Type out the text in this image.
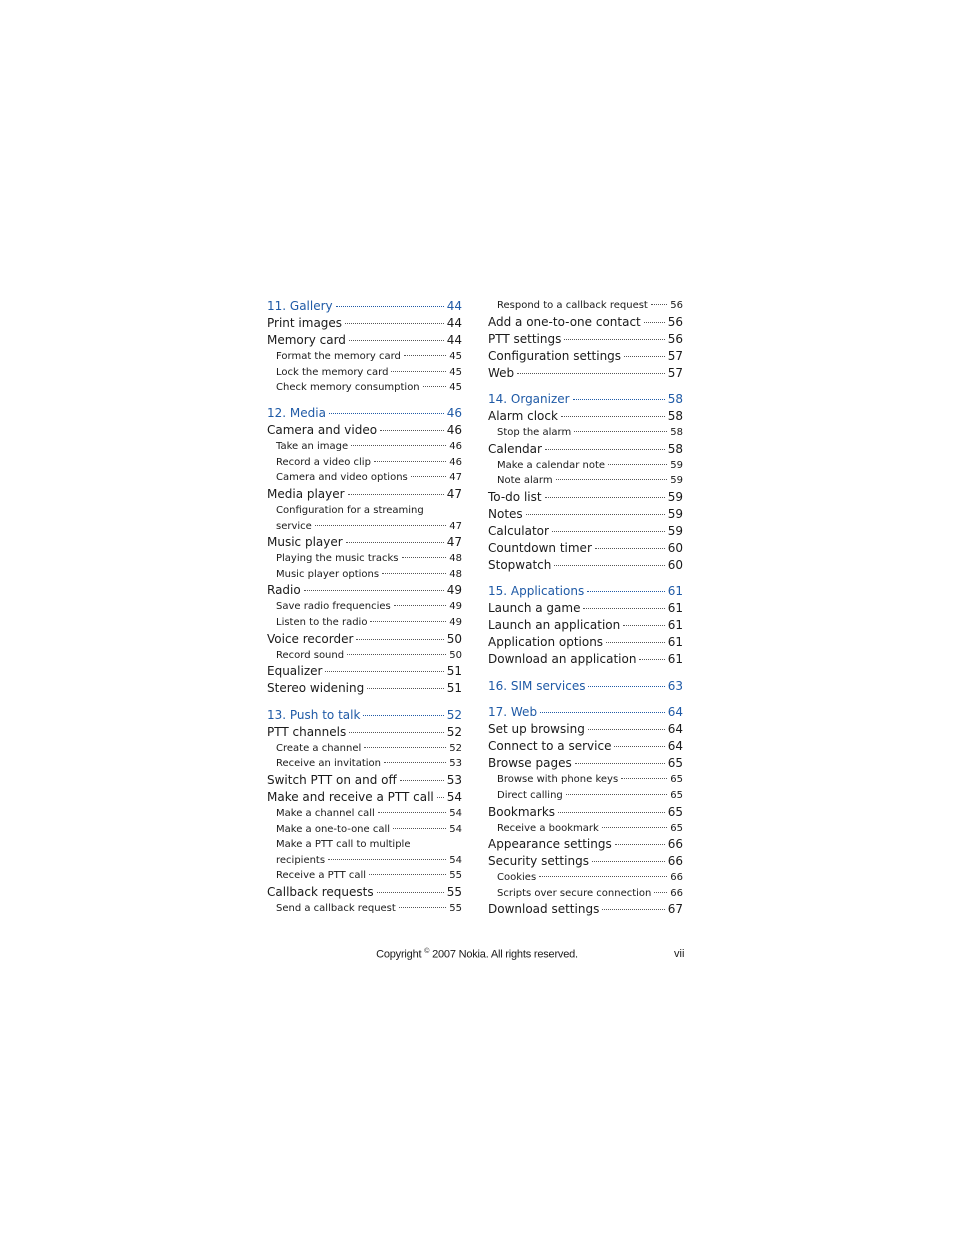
11. Gallery	44
Print images	44
Memory card	44
Format the memory card	45
Lock the memory card	45
Check memory consumption	45
12. Media	46
Camera and video	46
Take an image	46
Record a video clip	46
Camera and video options	47
Media player	47
Configuration for a streaming
service	47
Music player	47
Playing the music tracks	48
Music player options	48
Radio	49
Save radio frequencies	49
Listen to the radio	49
Voice recorder	50
Record sound	50
Equalizer	51
Stereo widening	51
13. Push to talk	52
PTT channels	52
Create a channel	52
Receive an invitation	53
Switch PTT on and off	53
Make and receive a PTT call 54
Make a channel call	54
Make a one-to-one call	54
Make a PTT call to multiple
recipients	54
Receive a PTT call	55
Callback requests	55
Send a callback request	55
Respond to a callback request 56
Add a one-to-one contact 56
PTT settings	56
Configuration settings	57
Web	57
14. Organizer	58
Alarm clock	58
Stop the alarm	58
Calendar	58
Make a calendar note	59
Note alarm	59
To-do list	59
Notes	59
Calculator	59
Countdown timer	60
Stopwatch	60
15. Applications	61
Launch a game	61
Launch an application	61
Application options	61
Download an application	61
16. SIM services	63
17. Web	64
Set up browsing	64
Connect to a service	64
Browse pages	65
Browse with phone keys	65
Direct calling	65
Bookmarks	65
Receive a bookmark	65
Appearance settings	66
Security settings	66
Cookies	66
Scripts over secure connection 66
Download settings	67
Copyright © 2007 Nokia. All rights reserved.	vii
